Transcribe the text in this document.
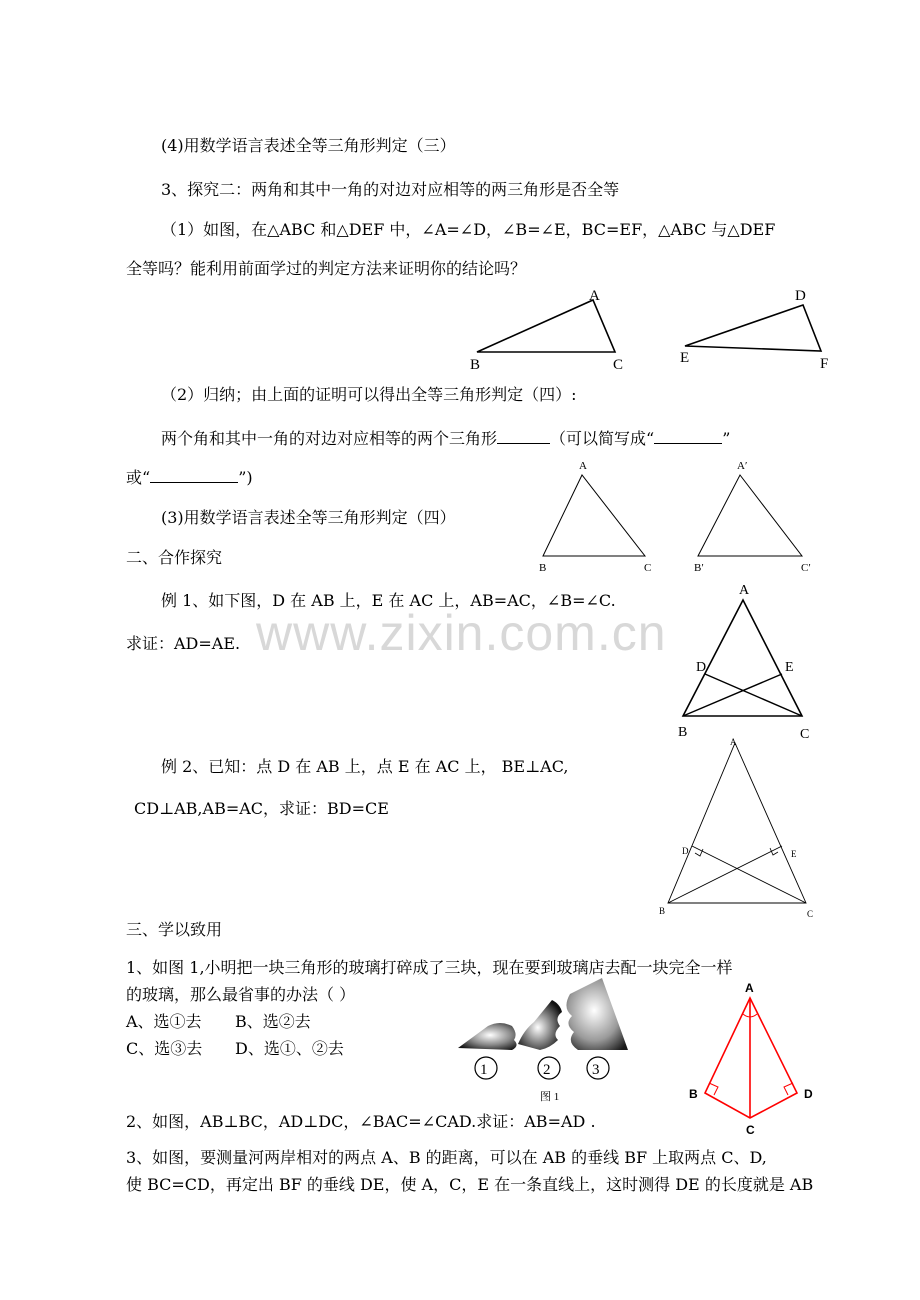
(4)用数学语言表述全等三角形判定（三）
3、探究二：两角和其中一角的对边对应相等的两三角形是否全等
（1）如图，在△ABC 和△DEF 中，∠A=∠D，∠B=∠E，BC=EF，△ABC 与△DEF
全等吗？能利用前面学过的判定方法来证明你的结论吗？
（2）归纳；由上面的证明可以得出全等三角形判定（四）:
两个角和其中一角的对边对应相等的两个三角形	（可以简写成“	”
或“	”)
(3)用数学语言表述全等三角形判定（四）
二、合作探究
例 1、如下图，D 在 AB 上，E 在 AC 上，AB=AC，∠B=∠C.
求证：AD=AE.
例 2、已知：点 D 在 AB 上，点 E 在 AC 上， BE⊥AC,
CD⊥AB,AB=AC，求证：BD=CE
三、学以致用
1、如图 1,小明把一块三角形的玻璃打碎成了三块，现在要到玻璃店去配一块完全一样
的玻璃，那么最省事的办法（ ）
A、选①去 B、选②去
C、选③去 D、选①、②去
2、如图，AB⊥BC，AD⊥DC，∠BAC=∠CAD.求证：AB=AD .
3、如图，要测量河两岸相对的两点 A、B 的距离，可以在 AB 的垂线 BF 上取两点 C、D,
使 BC=CD，再定出 BF 的垂线 DE，使 A，C，E 在一条直线上，这时测得 DE 的长度就是 AB
www.zixin.com.cn
A
B	C
D
E	F
A
B	C
A′
B′	C′
A
B	C
D	E
A
B	C
D	E
1	2	3
图 1
A
B
C
D
